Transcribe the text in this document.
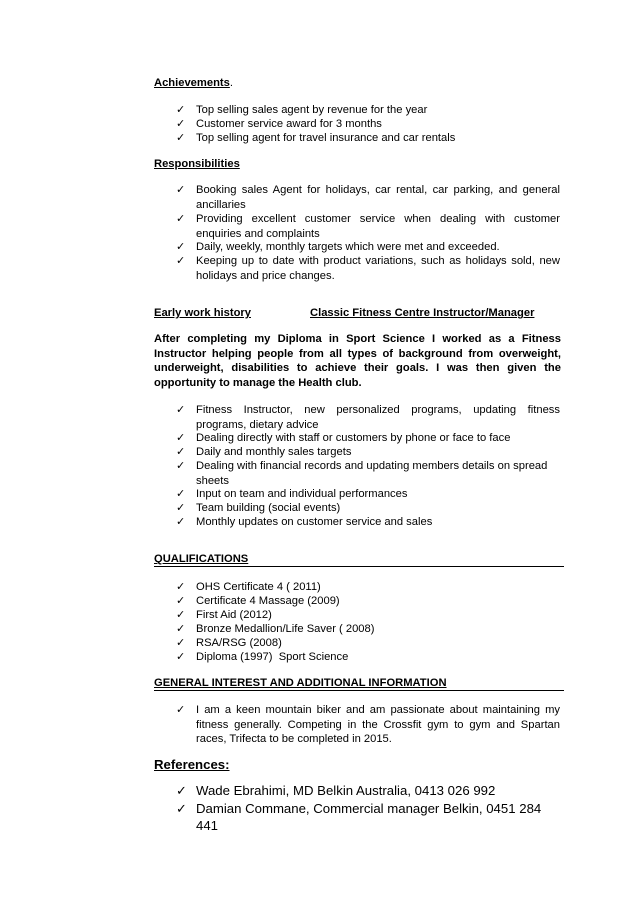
Achievements.
✓ Top selling sales agent by revenue for the year
✓ Customer service award for 3 months
✓ Top selling agent for travel insurance and car rentals
Responsibilities
✓ Booking sales Agent for holidays, car rental, car parking, and general ancillaries
✓ Providing excellent customer service when dealing with customer enquiries and complaints
✓ Daily, weekly, monthly targets which were met and exceeded.
✓ Keeping up to date with product variations, such as holidays sold, new holidays and price changes.
Early work history	Classic Fitness Centre Instructor/Manager
After completing my Diploma in Sport Science I worked as a Fitness Instructor helping people from all types of background from overweight, underweight, disabilities to achieve their goals. I was then given the opportunity to manage the Health club.
✓ Fitness Instructor, new personalized programs, updating fitness programs, dietary advice
✓ Dealing directly with staff or customers by phone or face to face
✓ Daily and monthly sales targets
✓ Dealing with financial records and updating members details on spread sheets
✓ Input on team and individual performances
✓ Team building (social events)
✓ Monthly updates on customer service and sales
QUALIFICATIONS
✓ OHS Certificate 4 ( 2011)
✓ Certificate 4 Massage (2009)
✓ First Aid (2012)
✓ Bronze Medallion/Life Saver ( 2008)
✓ RSA/RSG (2008)
✓ Diploma (1997)  Sport Science
GENERAL INTEREST AND ADDITIONAL INFORMATION
✓ I am a keen mountain biker and am passionate about maintaining my fitness generally. Competing in the Crossfit gym to gym and Spartan races, Trifecta to be completed in 2015.
References:
✓ Wade Ebrahimi, MD Belkin Australia, 0413 026 992
✓ Damian Commane, Commercial manager Belkin, 0451 284 441
